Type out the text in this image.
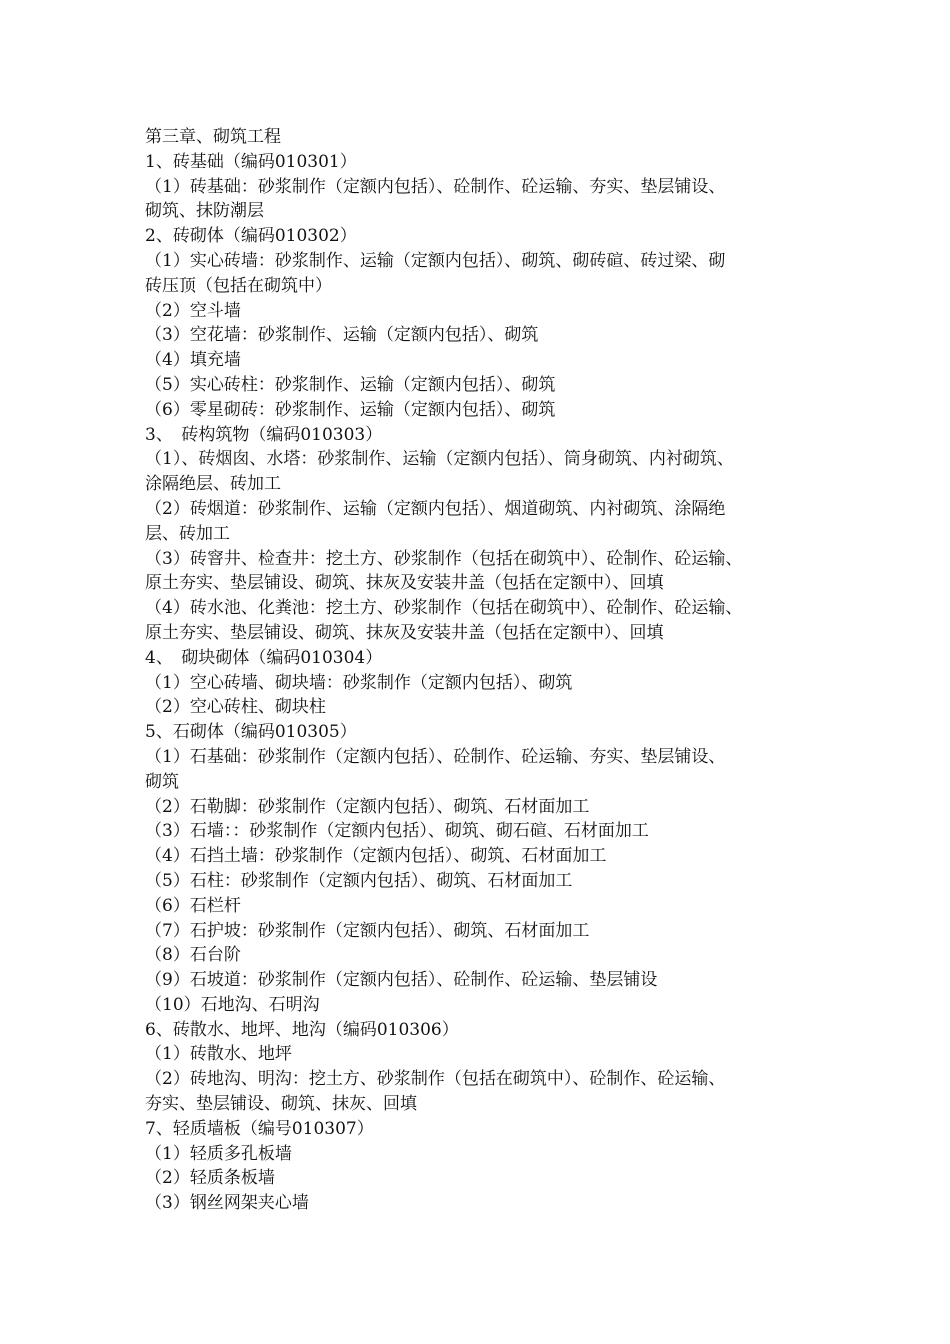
第三章、砌筑工程
1、砖基础（编码010301）
（1）砖基础：砂浆制作（定额内包括）、砼制作、砼运输、夯实、垫层铺设、
砌筑、抹防潮层
2、砖砌体（编码010302）
（1）实心砖墙：砂浆制作、运输（定额内包括）、砌筑、砌砖碹、砖过梁、砌
砖压顶（包括在砌筑中）
（2）空斗墙
（3）空花墙：砂浆制作、运输（定额内包括）、砌筑
（4）填充墙
（5）实心砖柱：砂浆制作、运输（定额内包括）、砌筑
（6）零星砌砖：砂浆制作、运输（定额内包括）、砌筑
3、　砖构筑物（编码010303）
（1）、砖烟囱、水塔：砂浆制作、运输（定额内包括）、筒身砌筑、内衬砌筑、
涂隔绝层、砖加工
（2）砖烟道：砂浆制作、运输（定额内包括）、烟道砌筑、内衬砌筑、涂隔绝
层、砖加工
（3）砖窨井、检查井：挖土方、砂浆制作（包括在砌筑中）、砼制作、砼运输、
原土夯实、垫层铺设、砌筑、抹灰及安装井盖（包括在定额中）、回填
（4）砖水池、化粪池：挖土方、砂浆制作（包括在砌筑中）、砼制作、砼运输、
原土夯实、垫层铺设、砌筑、抹灰及安装井盖（包括在定额中）、回填
4、　砌块砌体（编码010304）
（1）空心砖墙、砌块墙：砂浆制作（定额内包括）、砌筑
（2）空心砖柱、砌块柱
5、石砌体（编码010305）
（1）石基础：砂浆制作（定额内包括）、砼制作、砼运输、夯实、垫层铺设、
砌筑
（2）石勒脚：砂浆制作（定额内包括）、砌筑、石材面加工
（3）石墙：：砂浆制作（定额内包括）、砌筑、砌石碹、石材面加工
（4）石挡土墙：砂浆制作（定额内包括）、砌筑、石材面加工
（5）石柱：砂浆制作（定额内包括）、砌筑、石材面加工
（6）石栏杆
（7）石护坡：砂浆制作（定额内包括）、砌筑、石材面加工
（8）石台阶
（9）石坡道：砂浆制作（定额内包括）、砼制作、砼运输、垫层铺设
（10）石地沟、石明沟
6、砖散水、地坪、地沟（编码010306）
（1）砖散水、地坪
（2）砖地沟、明沟：挖土方、砂浆制作（包括在砌筑中）、砼制作、砼运输、
夯实、垫层铺设、砌筑、抹灰、回填
7、轻质墙板（编号010307）
（1）轻质多孔板墙
（2）轻质条板墙
（3）钢丝网架夹心墙
